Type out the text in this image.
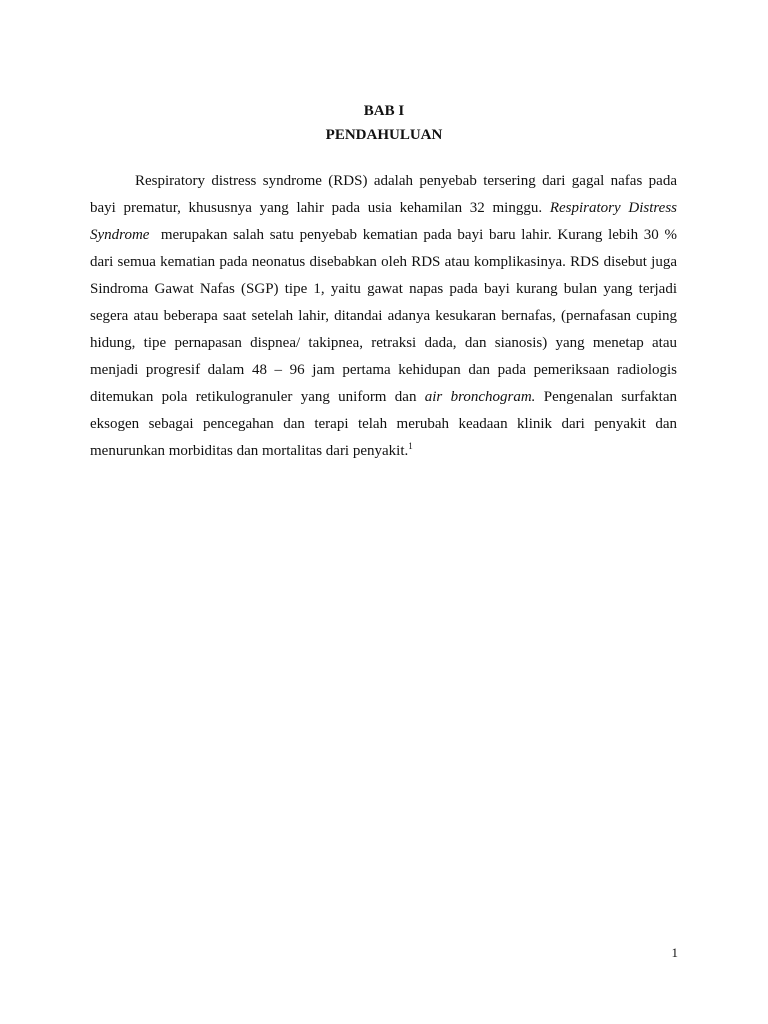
BAB I
PENDAHULUAN
Respiratory distress syndrome (RDS) adalah penyebab tersering dari gagal nafas pada
bayi prematur, khususnya yang lahir pada usia kehamilan 32 minggu. Respiratory Distress
Syndrome merupakan salah satu penyebab kematian pada bayi baru lahir. Kurang lebih 30 %
dari semua kematian pada neonatus disebabkan oleh RDS atau komplikasinya. RDS disebut juga
Sindroma Gawat Nafas (SGP) tipe 1, yaitu gawat napas pada bayi kurang bulan yang terjadi
segera atau beberapa saat setelah lahir, ditandai adanya kesukaran bernafas, (pernafasan cuping
hidung, tipe pernapasan dispnea/ takipnea, retraksi dada, dan sianosis) yang menetap atau
menjadi progresif dalam 48 – 96 jam pertama kehidupan dan pada pemeriksaan radiologis
ditemukan pola retikulogranuler yang uniform dan air bronchogram. Pengenalan surfaktan
eksogen sebagai pencegahan dan terapi telah merubah keadaan klinik dari penyakit dan
menurunkan morbiditas dan mortalitas dari penyakit.$^1$
1
